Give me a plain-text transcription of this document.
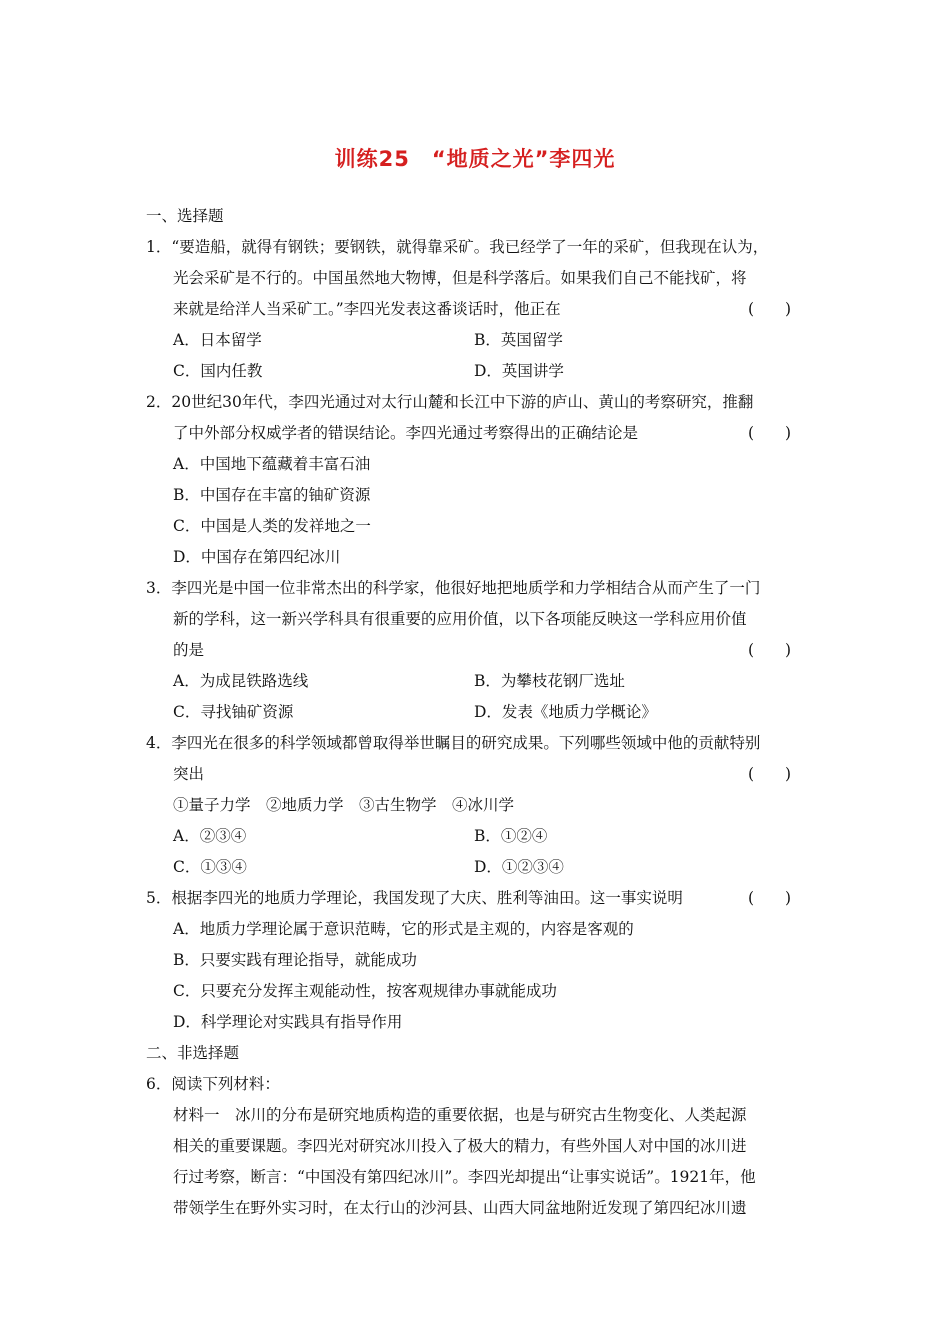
训练25 “地质之光”李四光
一、选择题
1．“要造船，就得有钢铁；要钢铁，就得靠采矿。我已经学了一年的采矿，但我现在认为，
光会采矿是不行的。中国虽然地大物博，但是科学落后。如果我们自己不能找矿，将
来就是给洋人当采矿工。”李四光发表这番谈话时，他正在	(　　)
A．日本留学	B．英国留学
C．国内任教	D．英国讲学
2．20世纪30年代，李四光通过对太行山麓和长江中下游的庐山、黄山的考察研究，推翻
了中外部分权威学者的错误结论。李四光通过考察得出的正确结论是	(　　)
A．中国地下蕴藏着丰富石油
B．中国存在丰富的铀矿资源
C．中国是人类的发祥地之一
D．中国存在第四纪冰川
3．李四光是中国一位非常杰出的科学家，他很好地把地质学和力学相结合从而产生了一门
新的学科，这一新兴学科具有很重要的应用价值，以下各项能反映这一学科应用价值
的是	(　　)
A．为成昆铁路选线	B．为攀枝花钢厂选址
C．寻找铀矿资源	D．发表《地质力学概论》
4．李四光在很多的科学领域都曾取得举世瞩目的研究成果。下列哪些领域中他的贡献特别
突出	(　　)
①量子力学　②地质力学　③古生物学　④冰川学
A．②③④	B．①②④
C．①③④	D．①②③④
5．根据李四光的地质力学理论，我国发现了大庆、胜利等油田。这一事实说明	(　　)
A．地质力学理论属于意识范畴，它的形式是主观的，内容是客观的
B．只要实践有理论指导，就能成功
C．只要充分发挥主观能动性，按客观规律办事就能成功
D．科学理论对实践具有指导作用
二、非选择题
6．阅读下列材料：
材料一　冰川的分布是研究地质构造的重要依据，也是与研究古生物变化、人类起源
相关的重要课题。李四光对研究冰川投入了极大的精力，有些外国人对中国的冰川进
行过考察，断言：“中国没有第四纪冰川”。李四光却提出“让事实说话”。1921年，他
带领学生在野外实习时，在太行山的沙河县、山西大同盆地附近发现了第四纪冰川遗
